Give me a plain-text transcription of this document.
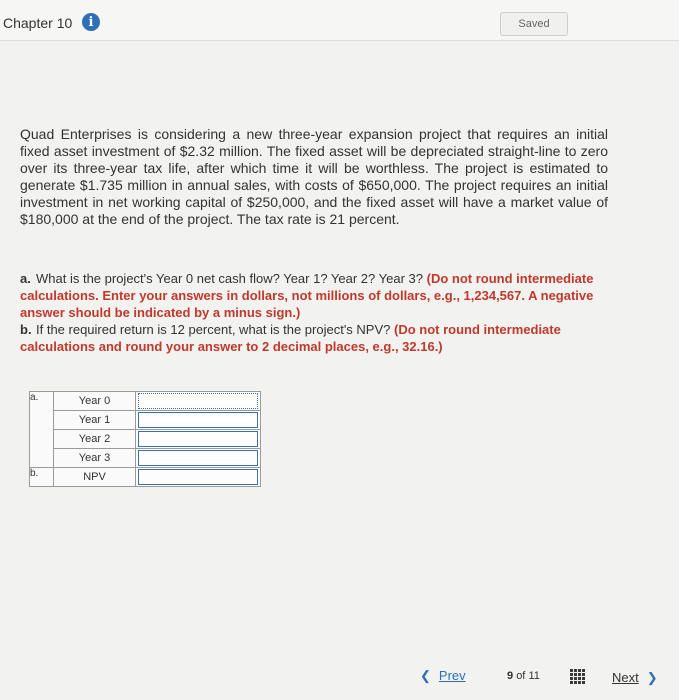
Chapter 10	i	Saved
Quad Enterprises is considering a new three-year expansion project that requires an initial fixed asset investment of $2.32 million. The fixed asset will be depreciated straight-line to zero over its three-year tax life, after which time it will be worthless. The project is estimated to generate $1.735 million in annual sales, with costs of $650,000. The project requires an initial investment in net working capital of $250,000, and the fixed asset will have a market value of $180,000 at the end of the project. The tax rate is 21 percent.
a. What is the project's Year 0 net cash flow? Year 1? Year 2? Year 3? (Do not round intermediate calculations. Enter your answers in dollars, not millions of dollars, e.g., 1,234,567. A negative answer should be indicated by a minus sign.)
b. If the required return is 12 percent, what is the project's NPV? (Do not round intermediate calculations and round your answer to 2 decimal places, e.g., 32.16.)
a.	Year 0	
	Year 1	
	Year 2	
	Year 3	
b.	NPV	
❮ Prev	9 of 11	Next ❯
